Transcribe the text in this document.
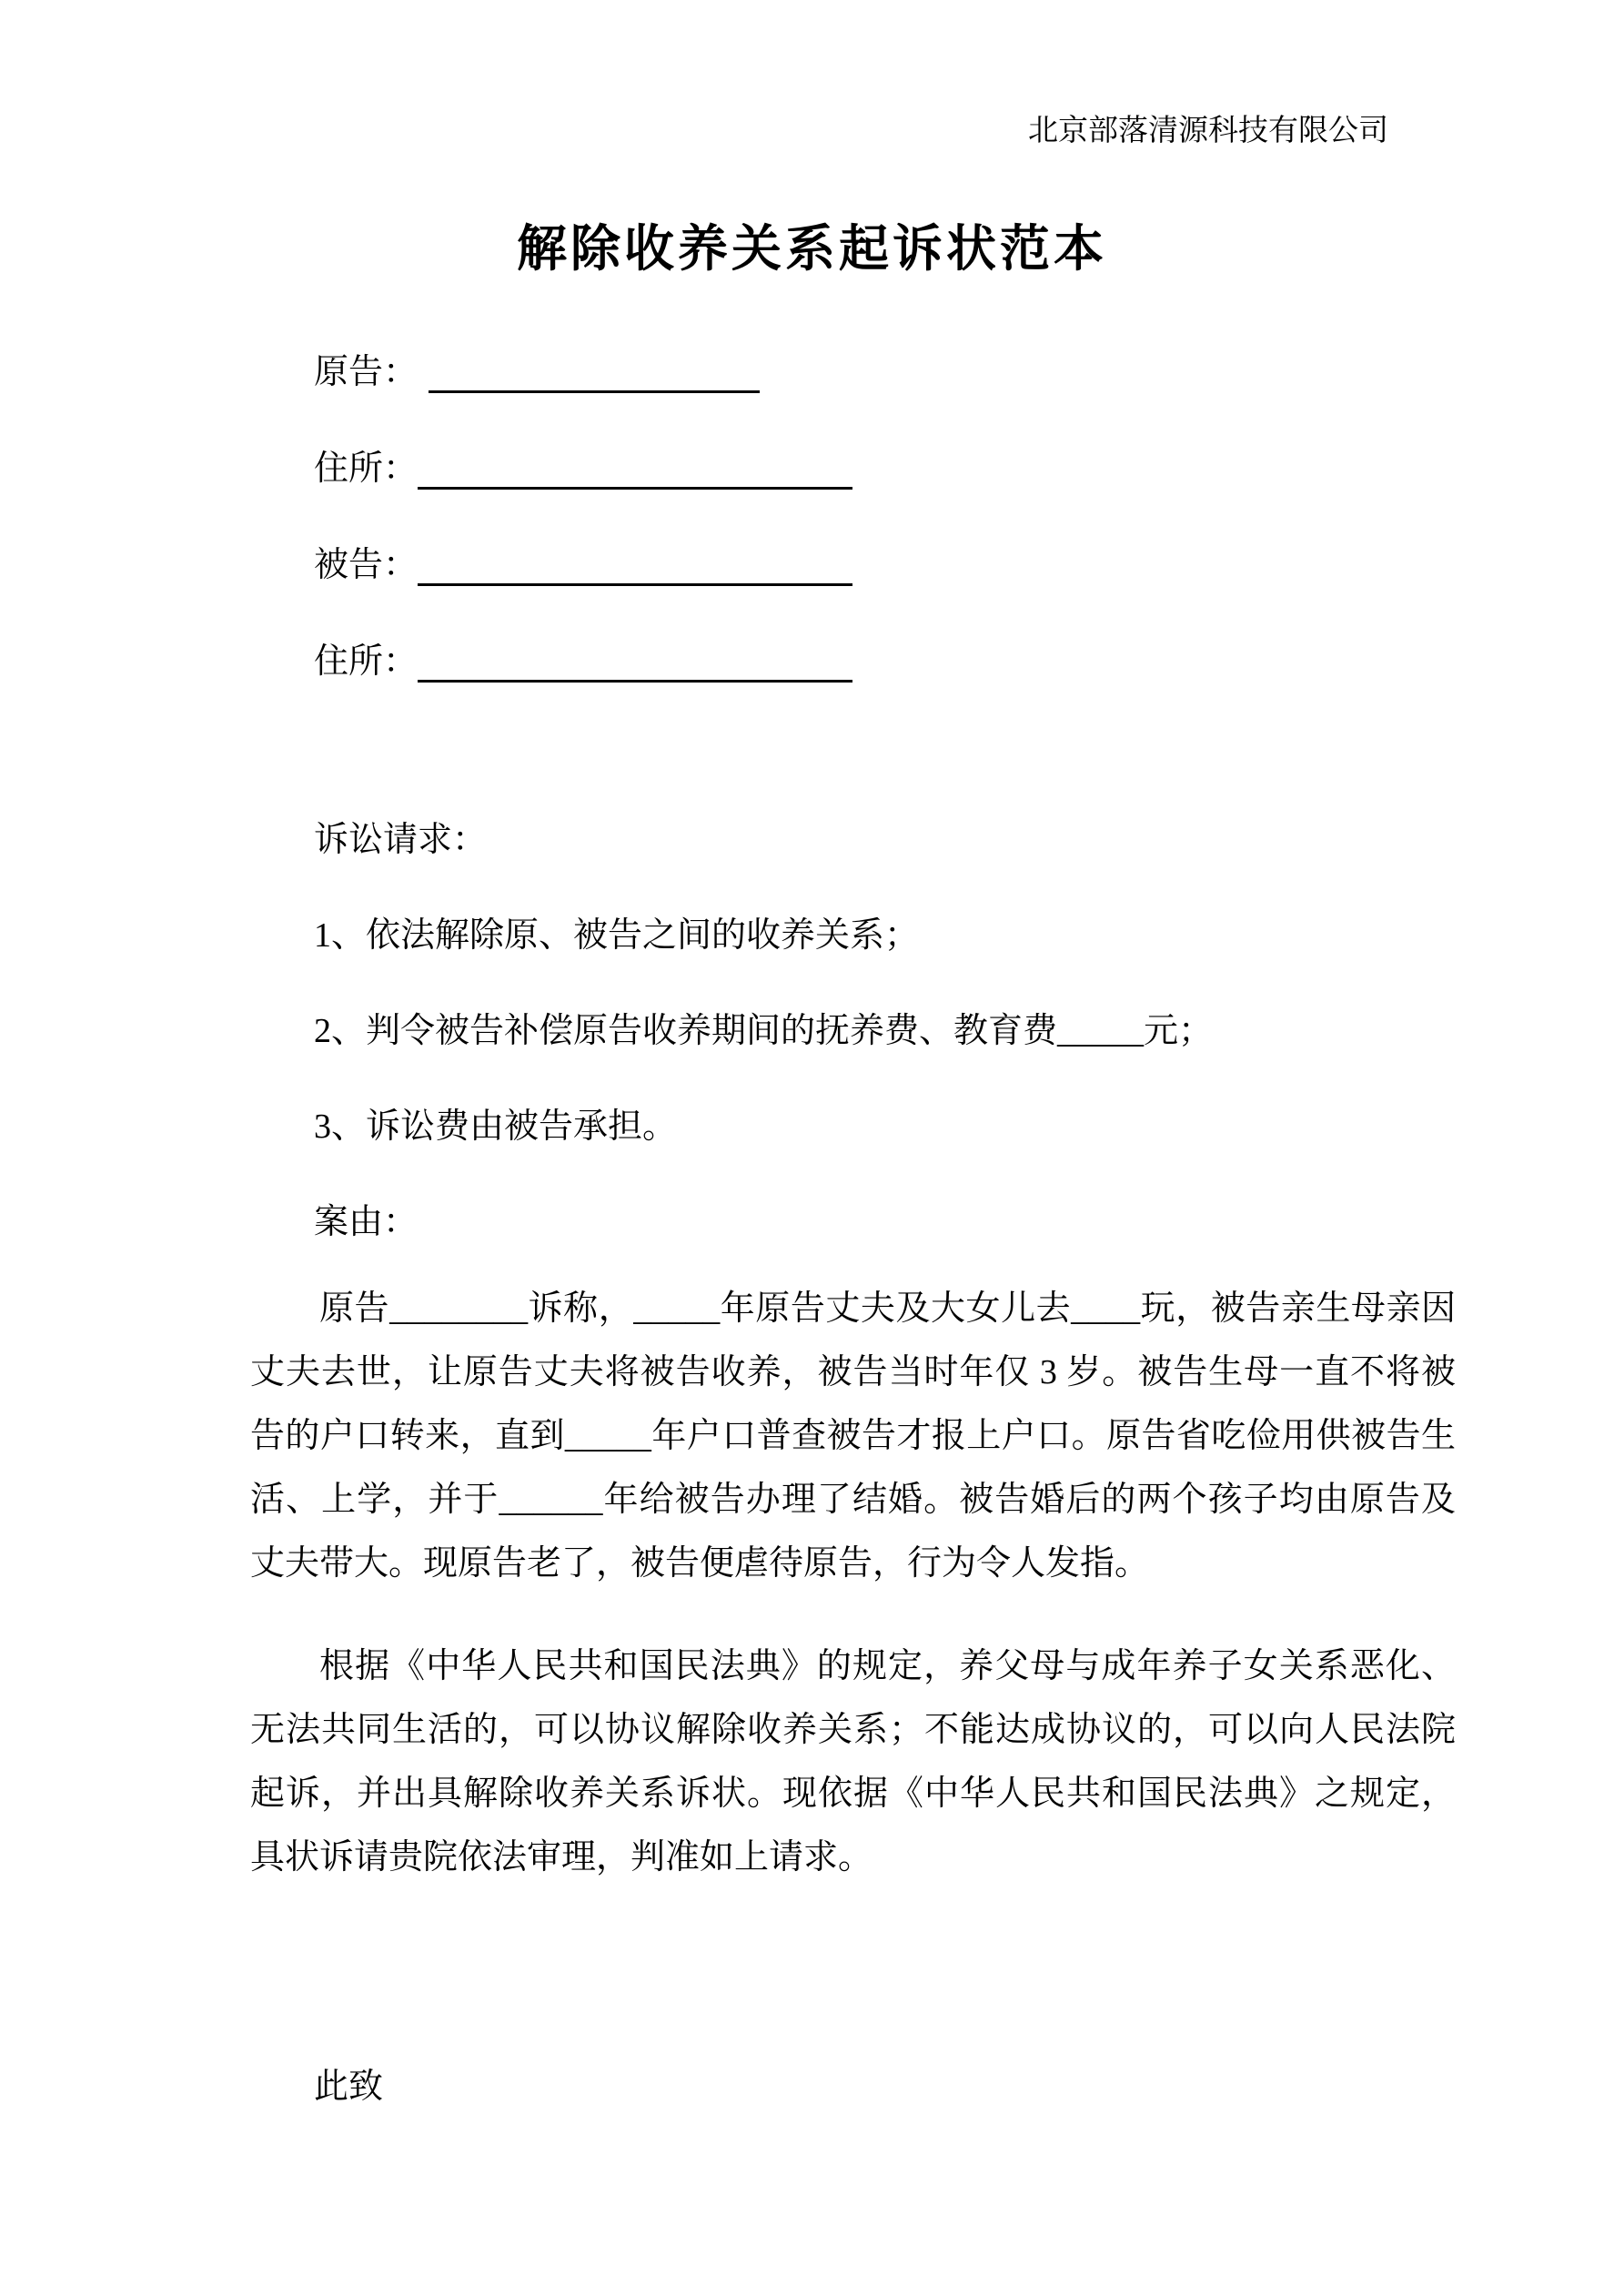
北京部落清源科技有限公司
解除收养关系起诉状范本
原告：
住所：
被告：
住所：
诉讼请求：
1、依法解除原、被告之间的收养关系；
2、判令被告补偿原告收养期间的抚养费、教育费_____元；
3、诉讼费由被告承担。
案由：

原告________诉称，_____年原告丈夫及大女儿去____玩，被告亲生母亲因丈夫去世，让原告丈夫将被告收养，被告当时年仅 3 岁。被告生母一直不将被告的户口转来，直到_____年户口普查被告才报上户口。原告省吃俭用供被告生活、上学，并于______年给被告办理了结婚。被告婚后的两个孩子均由原告及丈夫带大。现原告老了，被告便虐待原告，行为令人发指。

根据《中华人民共和国民法典》的规定，养父母与成年养子女关系恶化、无法共同生活的，可以协议解除收养关系；不能达成协议的，可以向人民法院起诉，并出具解除收养关系诉状。现依据《中华人民共和国民法典》之规定，具状诉请贵院依法审理，判准如上请求。

此致
